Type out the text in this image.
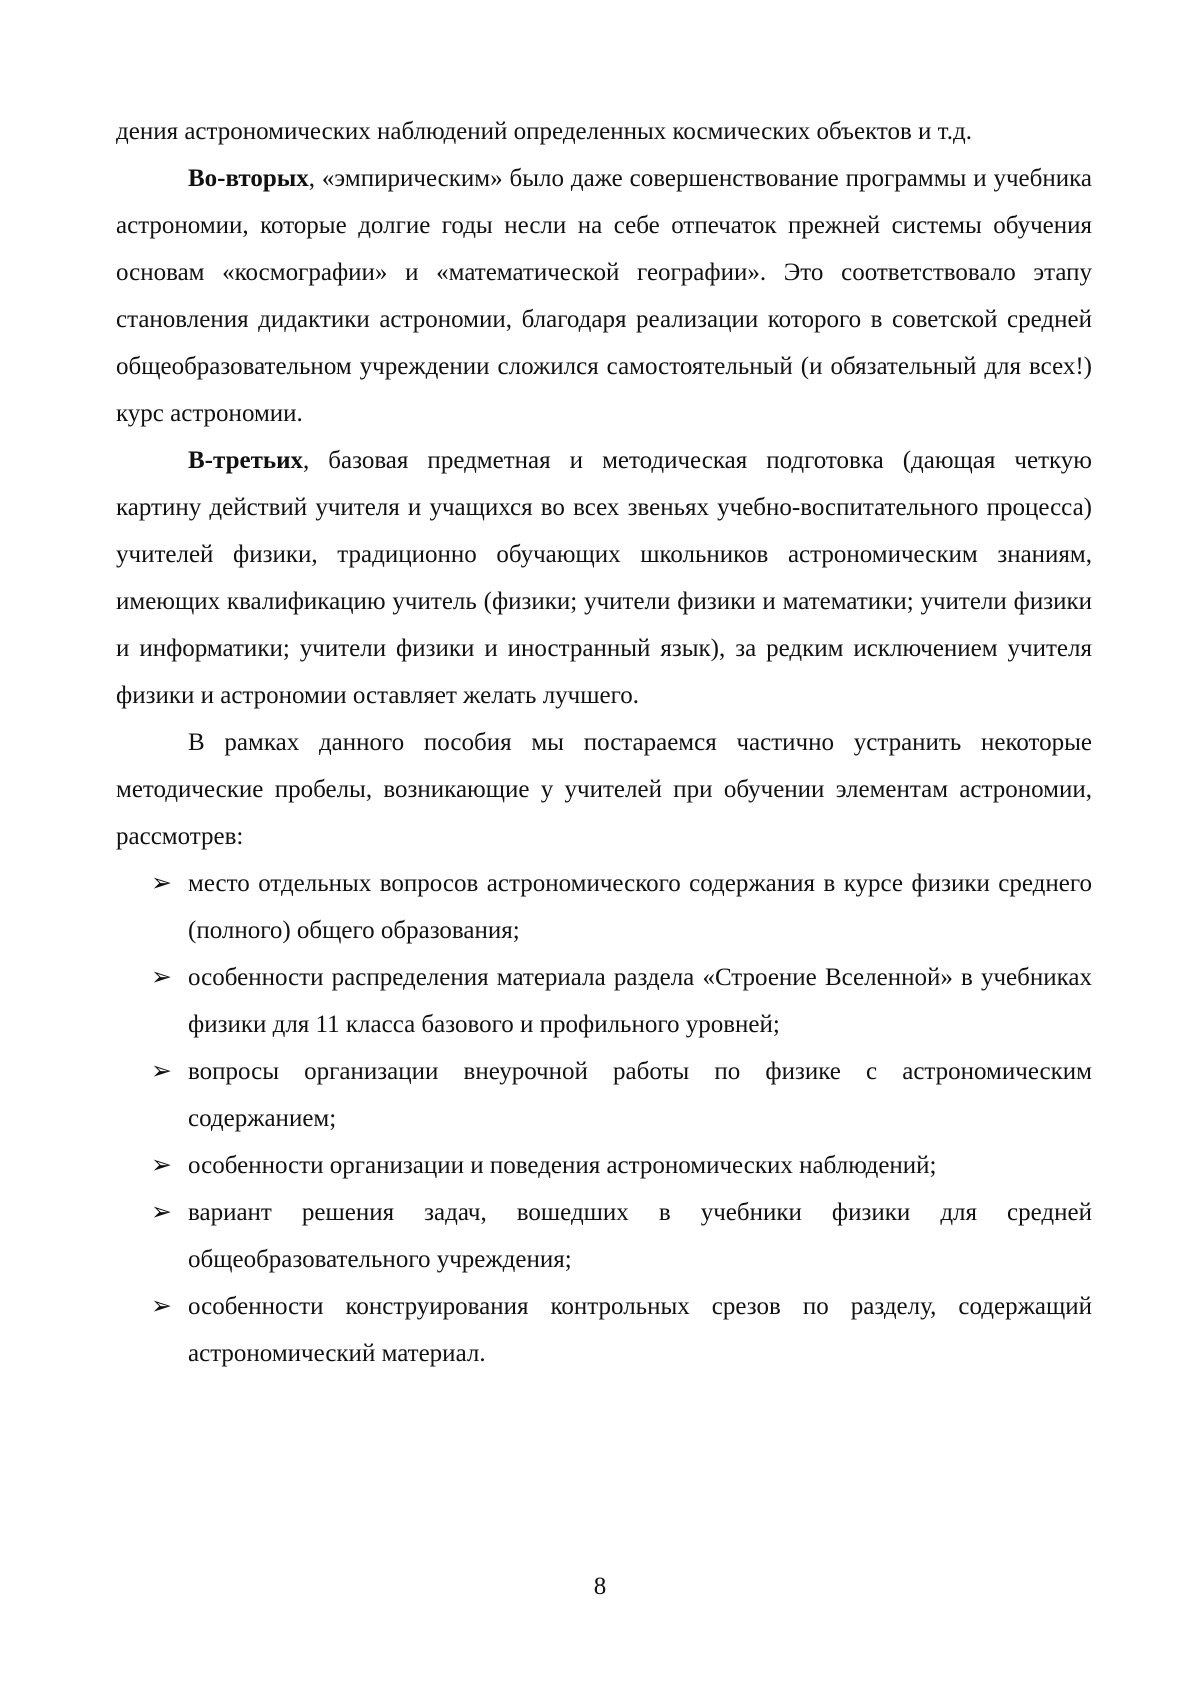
дения астрономических наблюдений определенных космических объектов и т.д.

Во-вторых, «эмпирическим» было даже совершенствование программы и учебника астрономии, которые долгие годы несли на себе отпечаток прежней системы обучения основам «космографии» и «математической географии». Это соответствовало этапу становления дидактики астрономии, благодаря реализации которого в советской средней общеобразовательном учреждении сложился самостоятельный (и обязательный для всех!) курс астрономии.

В-третьих, базовая предметная и методическая подготовка (дающая четкую картину действий учителя и учащихся во всех звеньях учебно-воспитательного процесса) учителей физики, традиционно обучающих школьников астрономическим знаниям, имеющих квалификацию учитель (физики; учители физики и математики; учители физики и информатики; учители физики и иностранный язык), за редким исключением учителя физики и астрономии оставляет желать лучшего.

В рамках данного пособия мы постараемся частично устранить некоторые методические пробелы, возникающие у учителей при обучении элементам астрономии, рассмотрев:

➢ место отдельных вопросов астрономического содержания в курсе физики среднего (полного) общего образования;
➢ особенности распределения материала раздела «Строение Вселенной» в учебниках физики для 11 класса базового и профильного уровней;
➢ вопросы организации внеурочной работы по физике с астрономическим содержанием;
➢ особенности организации и поведения астрономических наблюдений;
➢ вариант решения задач, вошедших в учебники физики для средней общеобразовательного учреждения;
➢ особенности конструирования контрольных срезов по разделу, содержащий астрономический материал.
8
